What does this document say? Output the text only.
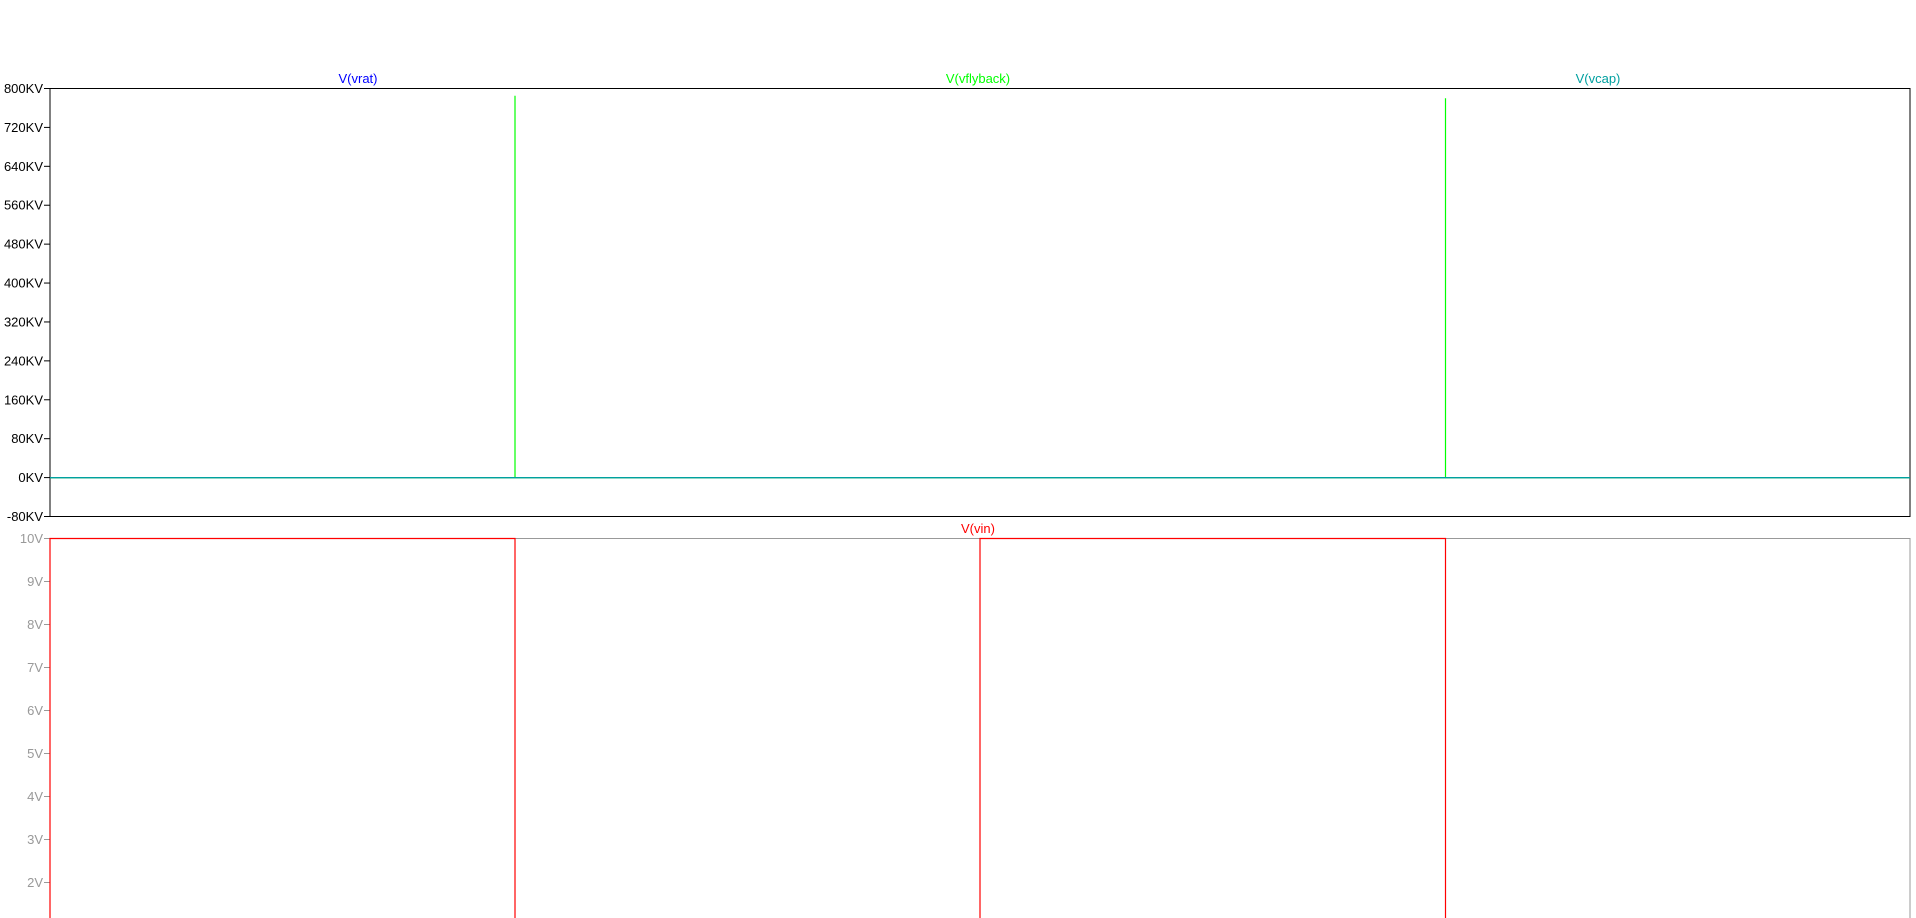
800KV
720KV
640KV
560KV
480KV
400KV
320KV
240KV
160KV
80KV
0KV
-80KV
V(vrat)	V(vflyback)	V(vcap)
10V
9V
8V
7V
6V
5V
4V
3V
2V
V(vin)
